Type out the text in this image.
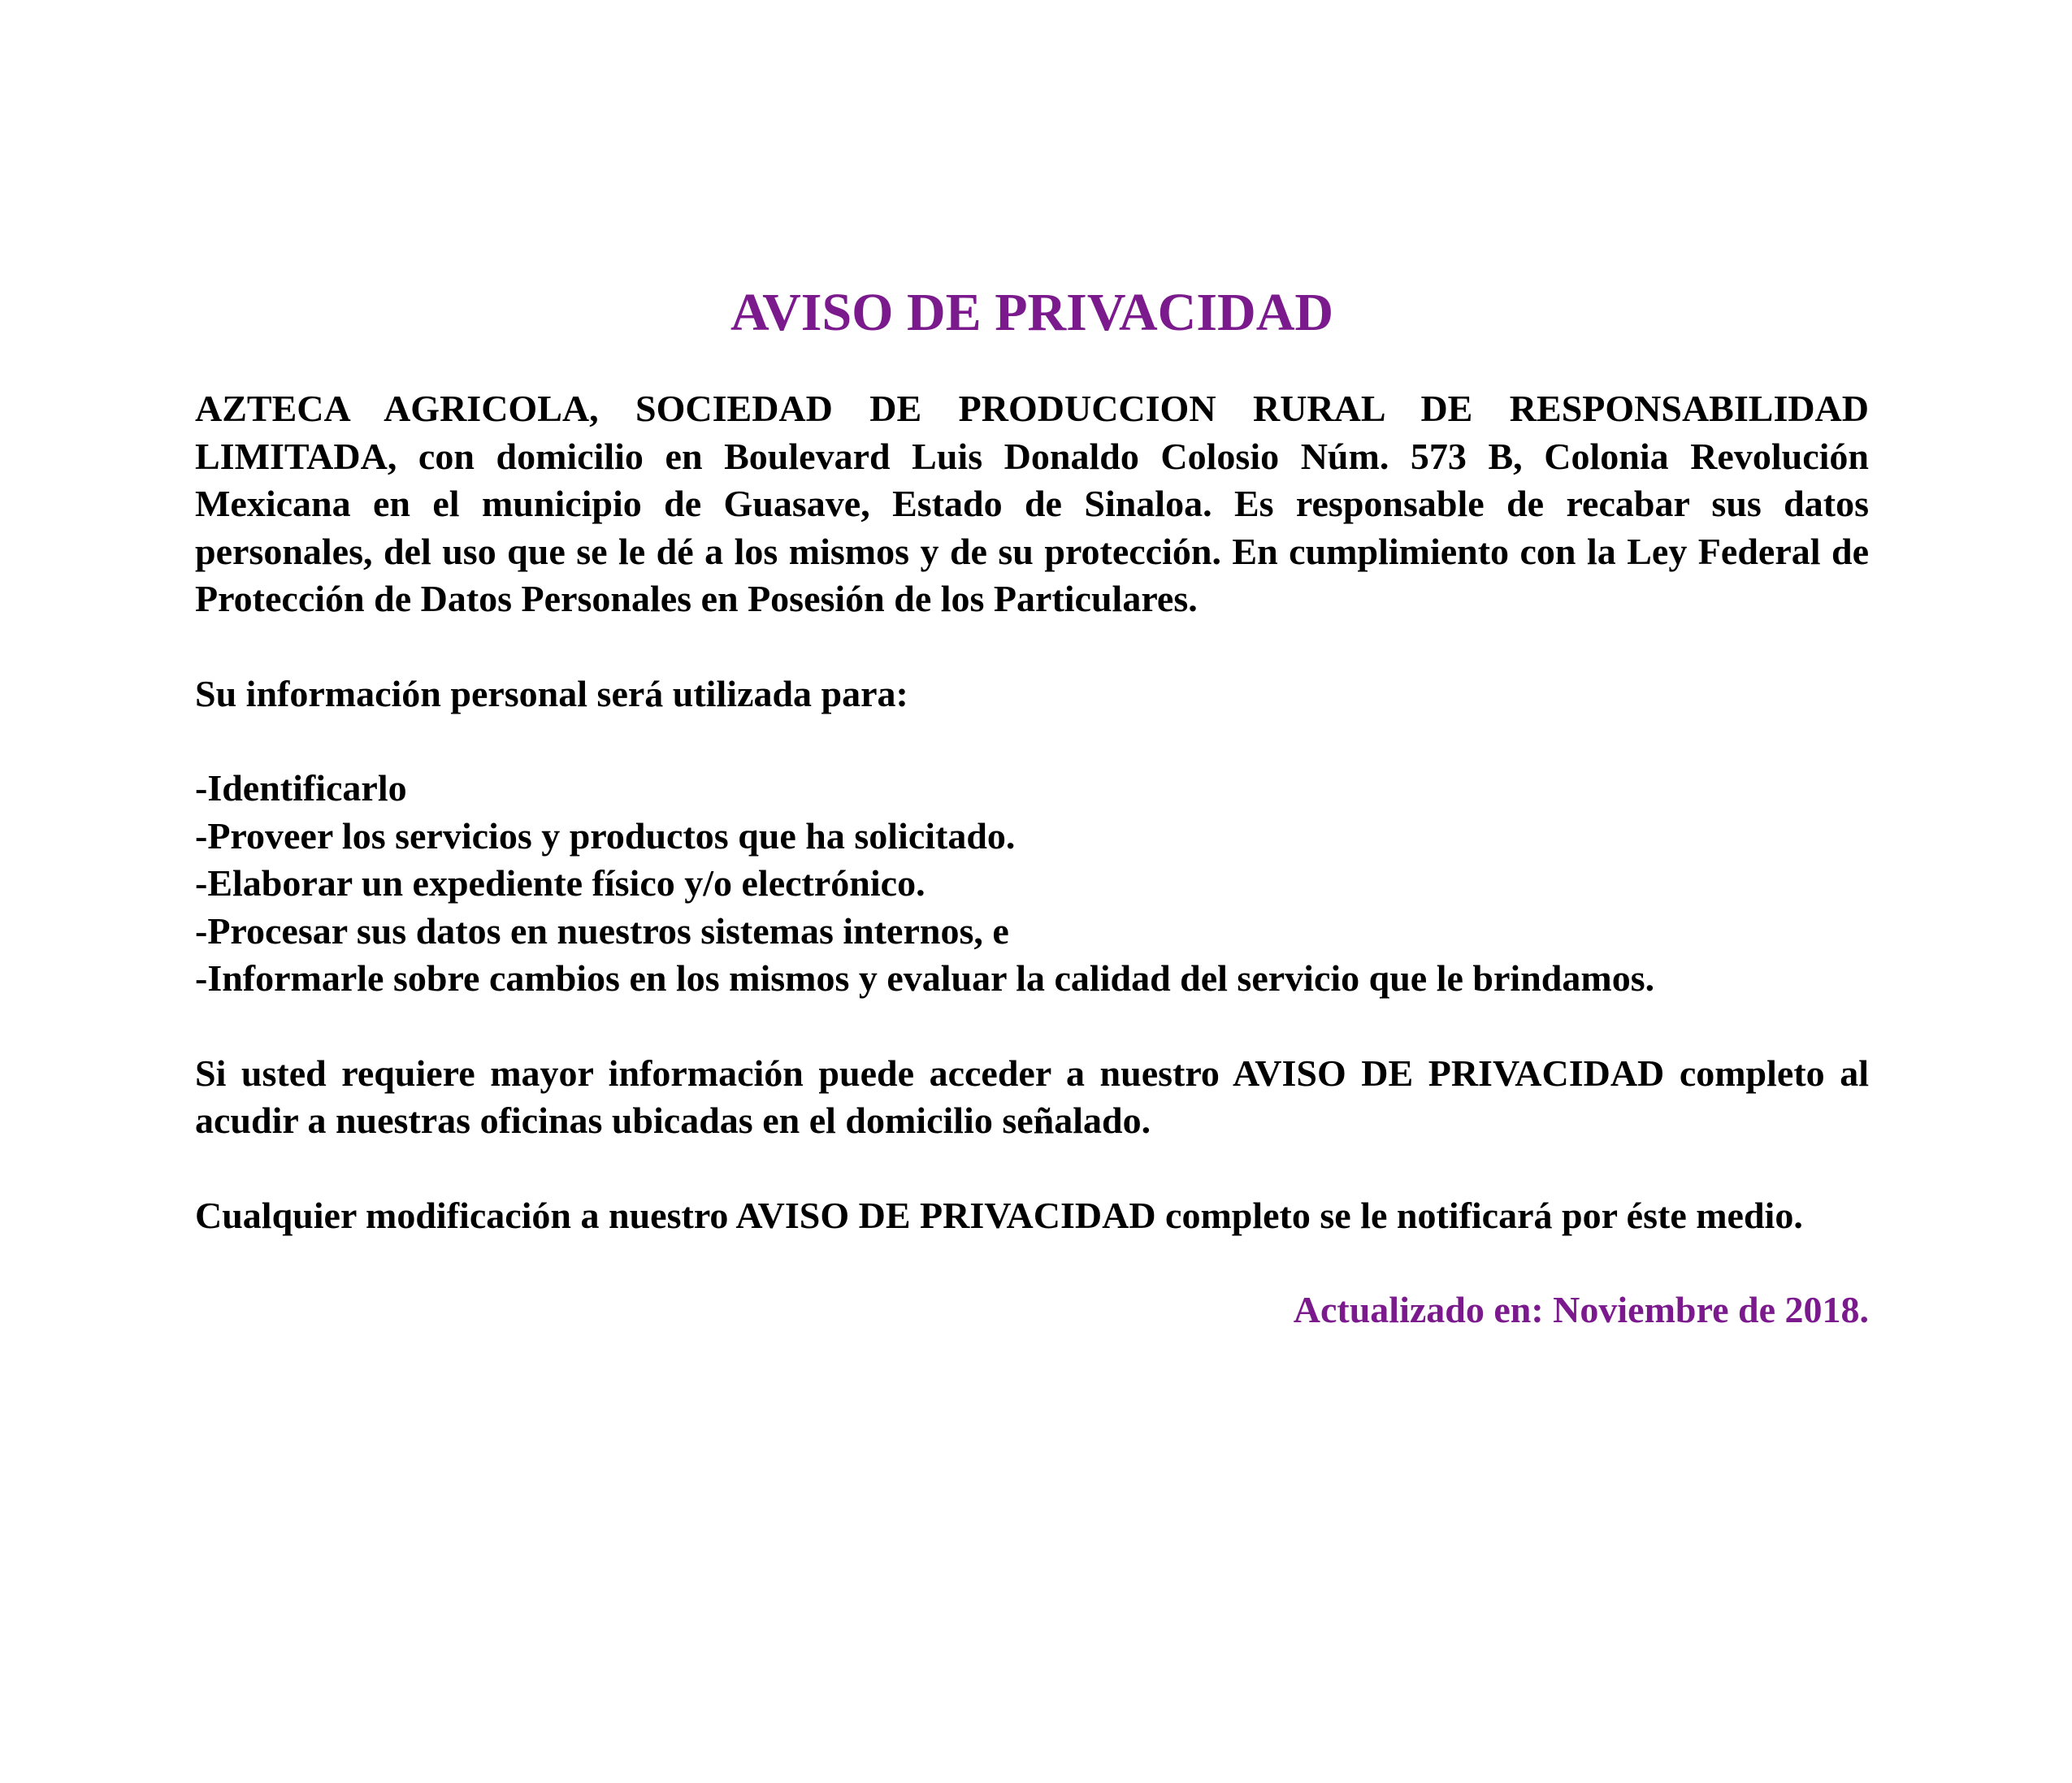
AVISO DE PRIVACIDAD

AZTECA AGRICOLA, SOCIEDAD DE PRODUCCION RURAL DE RESPONSABILIDAD LIMITADA, con domicilio en Boulevard Luis Donaldo Colosio Núm. 573 B, Colonia Revolución Mexicana en el municipio de Guasave, Estado de Sinaloa. Es responsable de recabar sus datos personales, del uso que se le dé a los mismos y de su protección. En cumplimiento con la Ley Federal de Protección de Datos Personales en Posesión de los Particulares.

Su información personal será utilizada para:

-Identificarlo
-Proveer los servicios y productos que ha solicitado.
-Elaborar un expediente físico y/o electrónico.
-Procesar sus datos en nuestros sistemas internos, e
-Informarle sobre cambios en los mismos y evaluar la calidad del servicio que le brindamos.

Si usted requiere mayor información puede acceder a nuestro AVISO DE PRIVACIDAD completo al acudir a nuestras oficinas ubicadas en el domicilio señalado.

Cualquier modificación a nuestro AVISO DE PRIVACIDAD completo se le notificará por éste medio.

Actualizado en: Noviembre de 2018.
